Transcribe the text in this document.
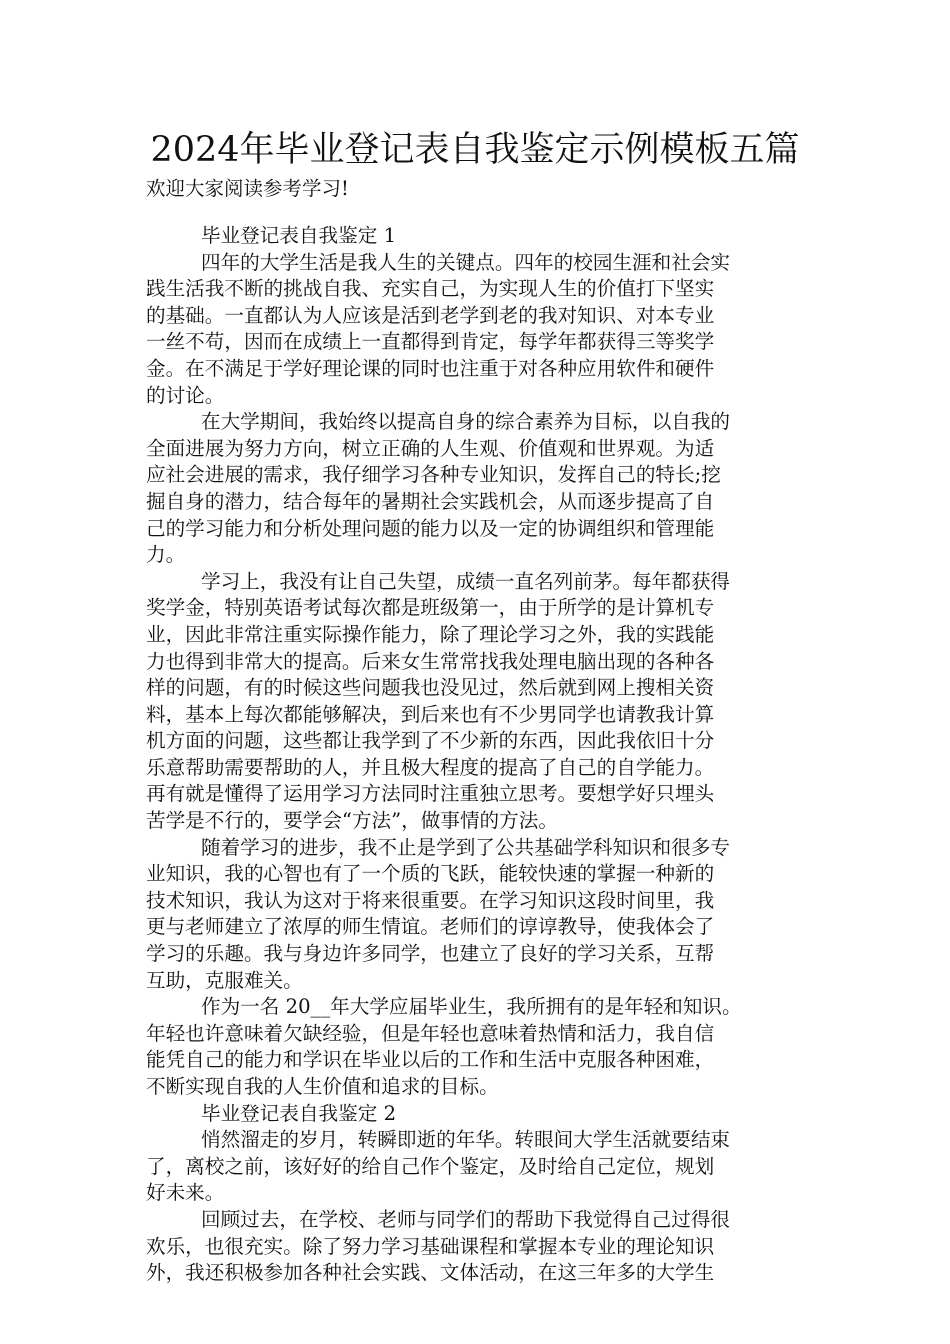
2024年毕业登记表自我鉴定示例模板五篇
欢迎大家阅读参考学习!
毕业登记表自我鉴定 1
四年的大学生活是我人生的关键点。四年的校园生涯和社会实
践生活我不断的挑战自我、充实自己，为实现人生的价值打下坚实
的基础。一直都认为人应该是活到老学到老的我对知识、对本专业
一丝不苟，因而在成绩上一直都得到肯定，每学年都获得三等奖学
金。在不满足于学好理论课的同时也注重于对各种应用软件和硬件
的讨论。
在大学期间，我始终以提高自身的综合素养为目标，以自我的
全面进展为努力方向，树立正确的人生观、价值观和世界观。为适
应社会进展的需求，我仔细学习各种专业知识，发挥自己的特长;挖
掘自身的潜力，结合每年的暑期社会实践机会，从而逐步提高了自
己的学习能力和分析处理问题的能力以及一定的协调组织和管理能
力。
学习上，我没有让自己失望，成绩一直名列前茅。每年都获得
奖学金，特别英语考试每次都是班级第一，由于所学的是计算机专
业，因此非常注重实际操作能力，除了理论学习之外，我的实践能
力也得到非常大的提高。后来女生常常找我处理电脑出现的各种各
样的问题，有的时候这些问题我也没见过，然后就到网上搜相关资
料，基本上每次都能够解决，到后来也有不少男同学也请教我计算
机方面的问题，这些都让我学到了不少新的东西，因此我依旧十分
乐意帮助需要帮助的人，并且极大程度的提高了自己的自学能力。
再有就是懂得了运用学习方法同时注重独立思考。要想学好只埋头
苦学是不行的，要学会“方法”，做事情的方法。
随着学习的进步，我不止是学到了公共基础学科知识和很多专
业知识，我的心智也有了一个质的飞跃，能较快速的掌握一种新的
技术知识，我认为这对于将来很重要。在学习知识这段时间里，我
更与老师建立了浓厚的师生情谊。老师们的谆谆教导，使我体会了
学习的乐趣。我与身边许多同学，也建立了良好的学习关系，互帮
互助，克服难关。
作为一名 20__年大学应届毕业生，我所拥有的是年轻和知识。
年轻也许意味着欠缺经验，但是年轻也意味着热情和活力，我自信
能凭自己的能力和学识在毕业以后的工作和生活中克服各种困难，
不断实现自我的人生价值和追求的目标。
毕业登记表自我鉴定 2
悄然溜走的岁月，转瞬即逝的年华。转眼间大学生活就要结束
了，离校之前，该好好的给自己作个鉴定，及时给自己定位，规划
好未来。
回顾过去，在学校、老师与同学们的帮助下我觉得自己过得很
欢乐，也很充实。除了努力学习基础课程和掌握本专业的理论知识
外，我还积极参加各种社会实践、文体活动，在这三年多的大学生
